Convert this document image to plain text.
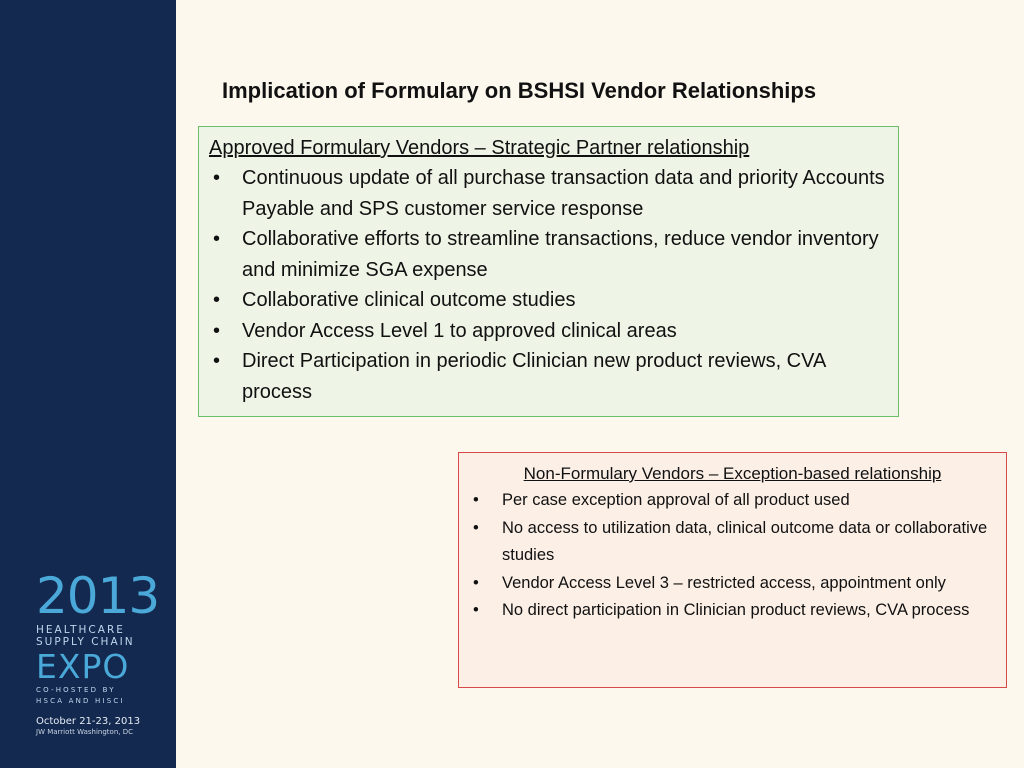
2013
HEALTHCARE
SUPPLY CHAIN
EXPO
CO-HOSTED BY
HSCA AND HISCI
October 21-23, 2013
JW Marriott Washington, DC
Implication of Formulary on BSHSI Vendor Relationships
Approved Formulary Vendors – Strategic Partner relationship
• Continuous update of all purchase transaction data and priority Accounts Payable and SPS customer service response
• Collaborative efforts to streamline transactions, reduce vendor inventory and minimize SGA expense
• Collaborative clinical outcome studies
• Vendor Access Level 1 to approved clinical areas
• Direct Participation in periodic Clinician new product reviews, CVA process
Non-Formulary Vendors – Exception-based relationship
• Per case exception approval of all product used
• No access to utilization data, clinical outcome data or collaborative studies
• Vendor Access Level 3 – restricted access, appointment only
• No direct participation in Clinician product reviews, CVA process
